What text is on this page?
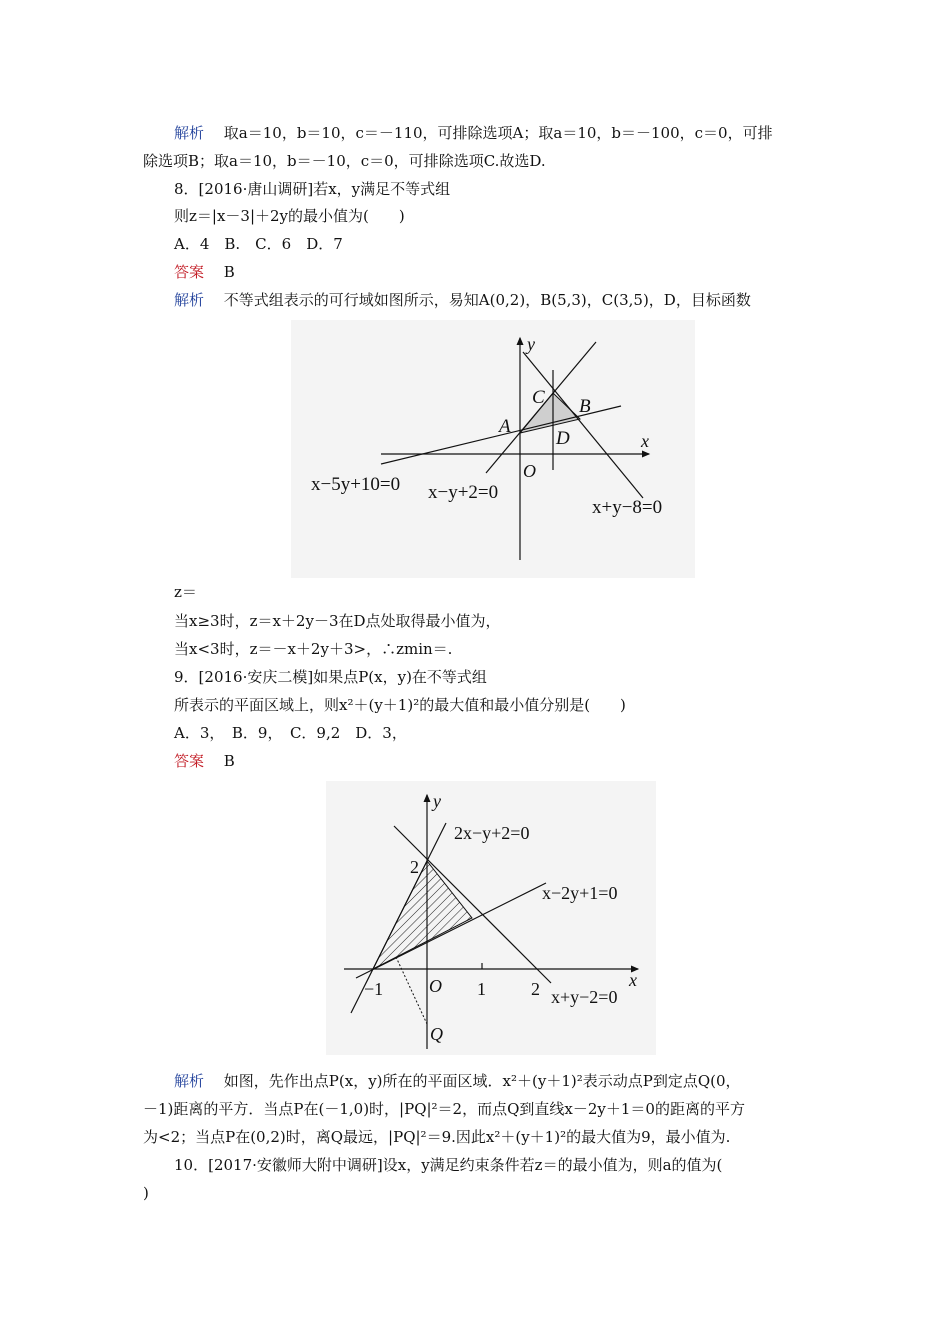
解析　 取a＝10，b＝10，c＝－110，可排除选项A；取a＝10，b＝－100，c＝0，可排
除选项B；取a＝10，b＝－10，c＝0，可排除选项C.故选D.
8．[2016·唐山调研]若x，y满足不等式组
则z＝|x－3|＋2y的最小值为(　　)
A．4　B.　C．6　D．7
答案　 B
解析　 不等式组表示的可行域如图所示，易知A(0,2)，B(5,3)，C(3,5)，D，目标函数
y
x
O
A
B
C
D
x−5y+10=0 x−y+2=0
x+y−8=0
z＝
当x≥3时，z＝x＋2y－3在D点处取得最小值为，
当x<3时，z＝－x＋2y＋3>，∴zmin＝.
9．[2016·安庆二模]如果点P(x，y)在不等式组
所表示的平面区域上，则x²＋(y＋1)²的最大值和最小值分别是(　　)
A．3，　B．9，　C．9,2　D．3，
答案　 B
y
x
O
Q
2
−1	1	2
2x−y+2=0
x−2y+1=0
x+y−2=0
解析　 如图，先作出点P(x，y)所在的平面区域．x²＋(y＋1)²表示动点P到定点Q(0，
－1)距离的平方．当点P在(－1,0)时，|PQ|²＝2，而点Q到直线x－2y＋1＝0的距离的平方
为<2；当点P在(0,2)时，离Q最远，|PQ|²＝9.因此x²＋(y＋1)²的最大值为9，最小值为.
10．[2017·安徽师大附中调研]设x，y满足约束条件若z＝的最小值为，则a的值为(
)
